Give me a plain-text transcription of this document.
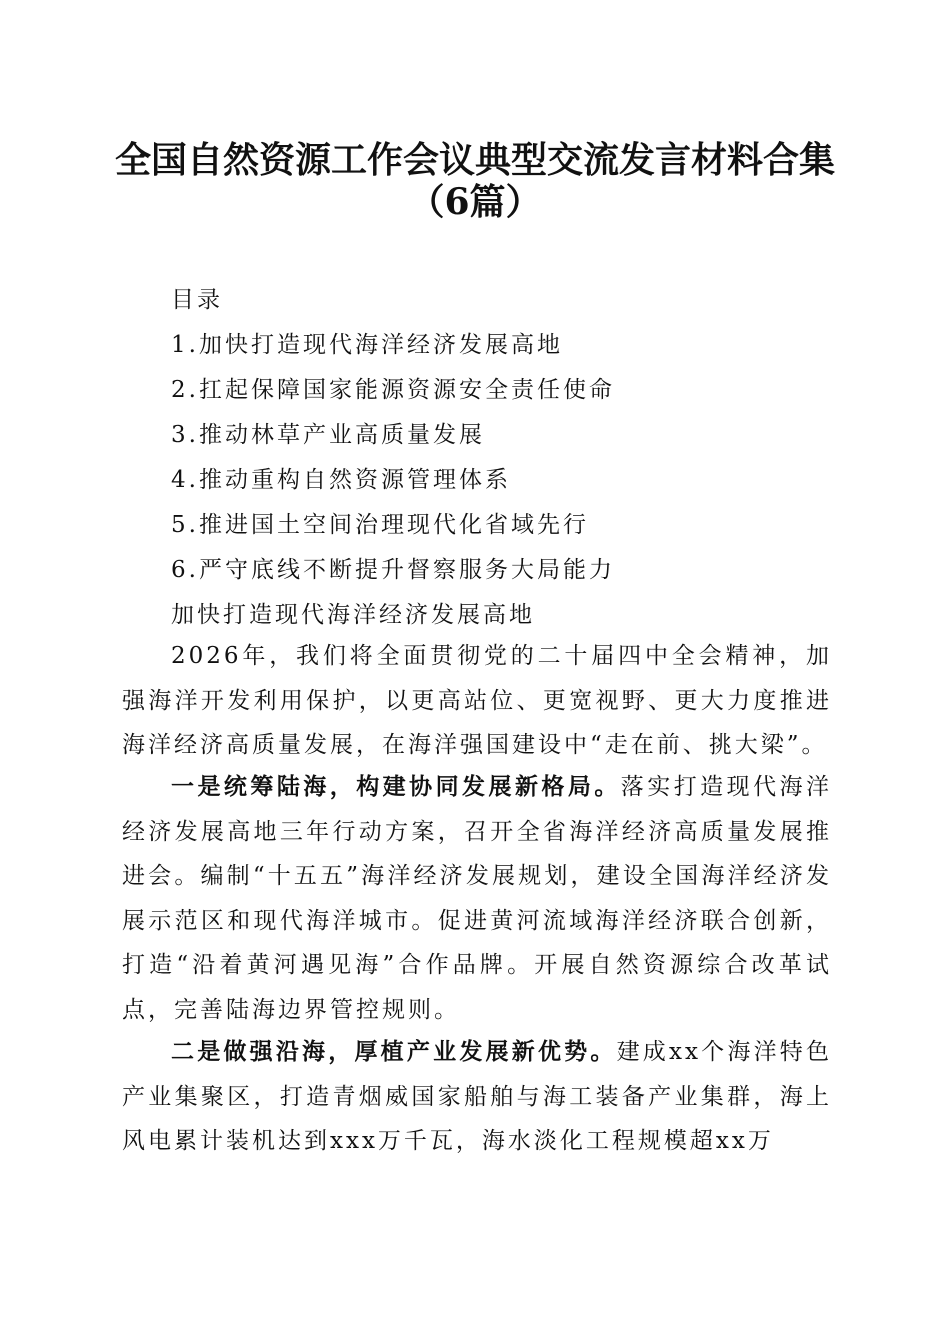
全国自然资源工作会议典型交流发言材料合集
（6篇）
目录
1.加快打造现代海洋经济发展高地
2.扛起保障国家能源资源安全责任使命
3.推动林草产业高质量发展
4.推动重构自然资源管理体系
5.推进国土空间治理现代化省域先行
6.严守底线不断提升督察服务大局能力
加快打造现代海洋经济发展高地

2026年，我们将全面贯彻党的二十届四中全会精神，加强海洋开发利用保护，以更高站位、更宽视野、更大力度推进海洋经济高质量发展，在海洋强国建设中“走在前、挑大梁”。

一是统筹陆海，构建协同发展新格局。落实打造现代海洋经济发展高地三年行动方案，召开全省海洋经济高质量发展推进会。编制“十五五”海洋经济发展规划，建设全国海洋经济发展示范区和现代海洋城市。促进黄河流域海洋经济联合创新，打造“沿着黄河遇见海”合作品牌。开展自然资源综合改革试点，完善陆海边界管控规则。

二是做强沿海，厚植产业发展新优势。建成xx个海洋特色产业集聚区，打造青烟威国家船舶与海工装备产业集群，海上风电累计装机达到xxx万千瓦，海水淡化工程规模超xx万
